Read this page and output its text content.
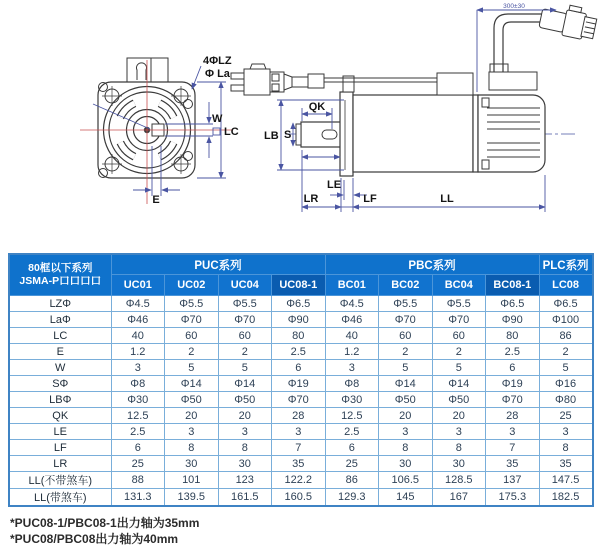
4ΦLZ
Φ La
W
LC
E
300±30
LB S
QK
LE
LR	LF	LL
80框以下系列
JSMA-P口口口口	PUC系列				PBC系列				PLC系列
	UC01	UC02	UC04	UC08-1	BC01	BC02	BC04	BC08-1	LC08
LZΦ	Φ4.5	Φ5.5	Φ5.5	Φ6.5	Φ4.5	Φ5.5	Φ5.5	Φ6.5	Φ6.5
LaΦ	Φ46	Φ70	Φ70	Φ90	Φ46	Φ70	Φ70	Φ90	Φ100
LC	40	60	60	80	40	60	60	80	86
E	1.2	2	2	2.5	1.2	2	2	2.5	2
W	3	5	5	6	3	5	5	6	5
SΦ	Φ8	Φ14	Φ14	Φ19	Φ8	Φ14	Φ14	Φ19	Φ16
LBΦ	Φ30	Φ50	Φ50	Φ70	Φ30	Φ50	Φ50	Φ70	Φ80
QK	12.5	20	20	28	12.5	20	20	28	25
LE	2.5	3	3	3	2.5	3	3	3	3
LF	6	8	8	7	6	8	8	7	8
LR	25	30	30	35	25	30	30	35	35
LL(不带煞车)	88	101	123	122.2	86	106.5	128.5	137	147.5
LL(带煞车)	131.3	139.5	161.5	160.5	129.3	145	167	175.3	182.5
*PUC08-1/PBC08-1出力轴为35mm
*PUC08/PBC08出力轴为40mm
